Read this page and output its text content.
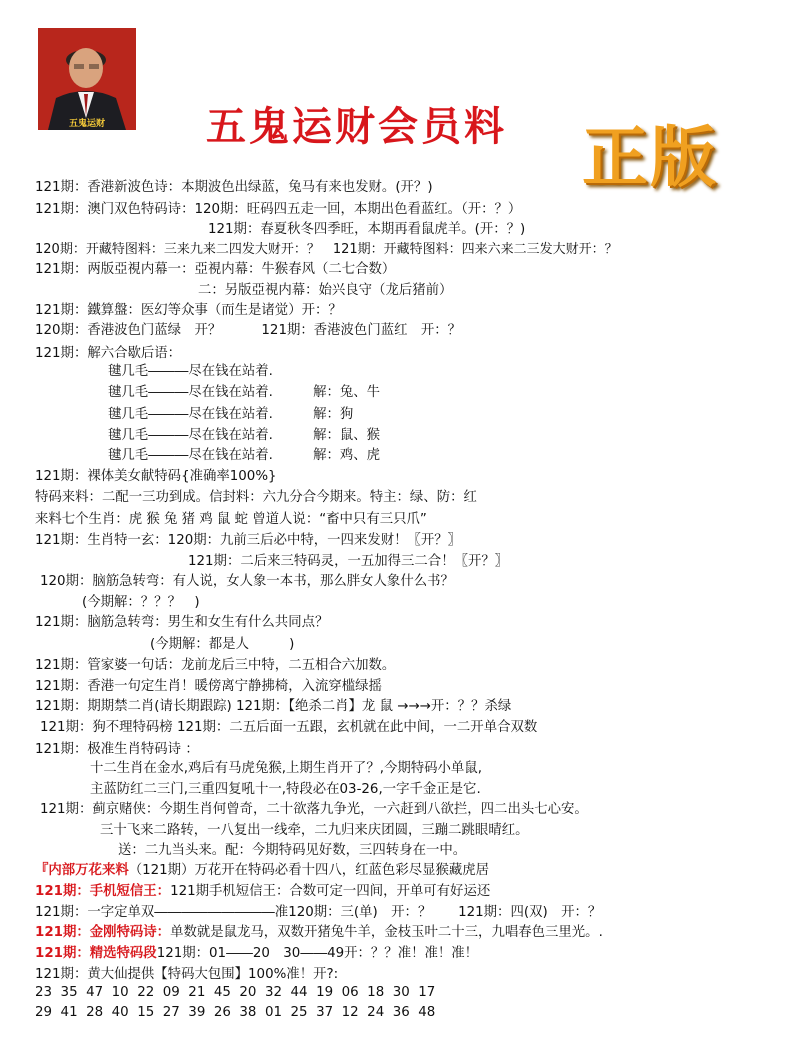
五鬼运财	五鬼运财会员料 正版
121期：香港新波色诗：本期波色出绿蓝，兔马有来也发财。(开？)
121期：澳门双色特码诗：120期：旺码四五走一回，本期出色看蓝红。（开：？）
121期：春夏秋冬四季旺，本期再看鼠虎羊。(开：？)
120期：开藏特图料：三来九来二四发大财开：？　121期：开藏特图料：四来六来二三发大财开：？
121期：两版亞視内幕一：亞視内幕：牛猴春风（二七合数）
二：另版亞視内幕：始兴良守（龙后猪前）
121期：鐵算盤：医幻等众事（而生是诸觉）开：？
120期：香港波色门蓝绿　开？　　　121期：香港波色门蓝红　开：？
121期：解六合歇后语：
毽几毛―――尽在钱在站着.
毽几毛―――尽在钱在站着.　　　解：兔、牛
毽几毛―――尽在钱在站着.　　　解：狗
毽几毛―――尽在钱在站着.　　　解：鼠、猴
毽几毛―――尽在钱在站着.　　　解：鸡、虎
121期：裸体美女献特码{准确率100%}
特码来料：二配一三功到成。信封料：六九分合今期来。特主：绿、防：红
来料七个生肖：虎 猴 兔 猪 鸡 鼠 蛇 曾道人说：“畜中只有三只爪”
121期：生肖特一玄：120期：九前三后必中特，一四来发财！〖开？〗
121期：二后来三特码灵，一五加得三二合！〖开？〗
120期：脑筋急转弯：有人说，女人象一本书，那么胖女人象什么书？
(今期解：？？？　)
121期：脑筋急转弯：男生和女生有什么共同点？
(今期解：都是人　　　)
121期：管家婆一句话：龙前龙后三中特，二五相合六加数。
121期：香港一句定生肖！暖傍离宁静拂椅，入流穿槛绿摇
121期：期期禁二肖(请长期跟踪) 121期：【绝杀二肖】龙 鼠 →→→开：？？杀绿
121期：狗不理特码榜 121期：二五后面一五跟，玄机就在此中间，一二开单合双数
121期：极准生肖特码诗 ：
十二生肖在金水,鸡后有马虎兔猴,上期生肖开了？,今期特码小单鼠,
主蓝防红二三门,三重四复吼十一,特段必在03-26,一字千金正是它.
121期：蓟京赌侠：今期生肖何曾奇，二十欲落九争光，一六赶到八欲拦，四二出头七心安。
三十飞来二路转，一八复出一线牵，二九归来庆团圆，三蹦二跳眼晴红。
送：二九当头来。配：今期特码见好数，三四转身在一中。
『内部万花来料（121期）万花开在特码必看十四八，红蓝色彩尽显猴藏虎居
121期：手机短信王：121期手机短信王：合数可定一四间，开单可有好运还
121期：一字定单双―――――――――准120期：三(单)　开：？　　121期：四(双)　开：？
121期：金刚特码诗：单数就是鼠龙马，双数开猪兔牛羊，金枝玉叶二十三，九唱春色三里光。.
121期：精选特码段121期：01――20　30――49开：？？准！准！准！
121期：黄大仙提供【特码大包围】100%准！开?:
23  35  47  10  22  09  21  45  20  32  44  19  06  18  30  17
29  41  28  40  15  27  39  26  38  01  25  37  12  24  36  48
